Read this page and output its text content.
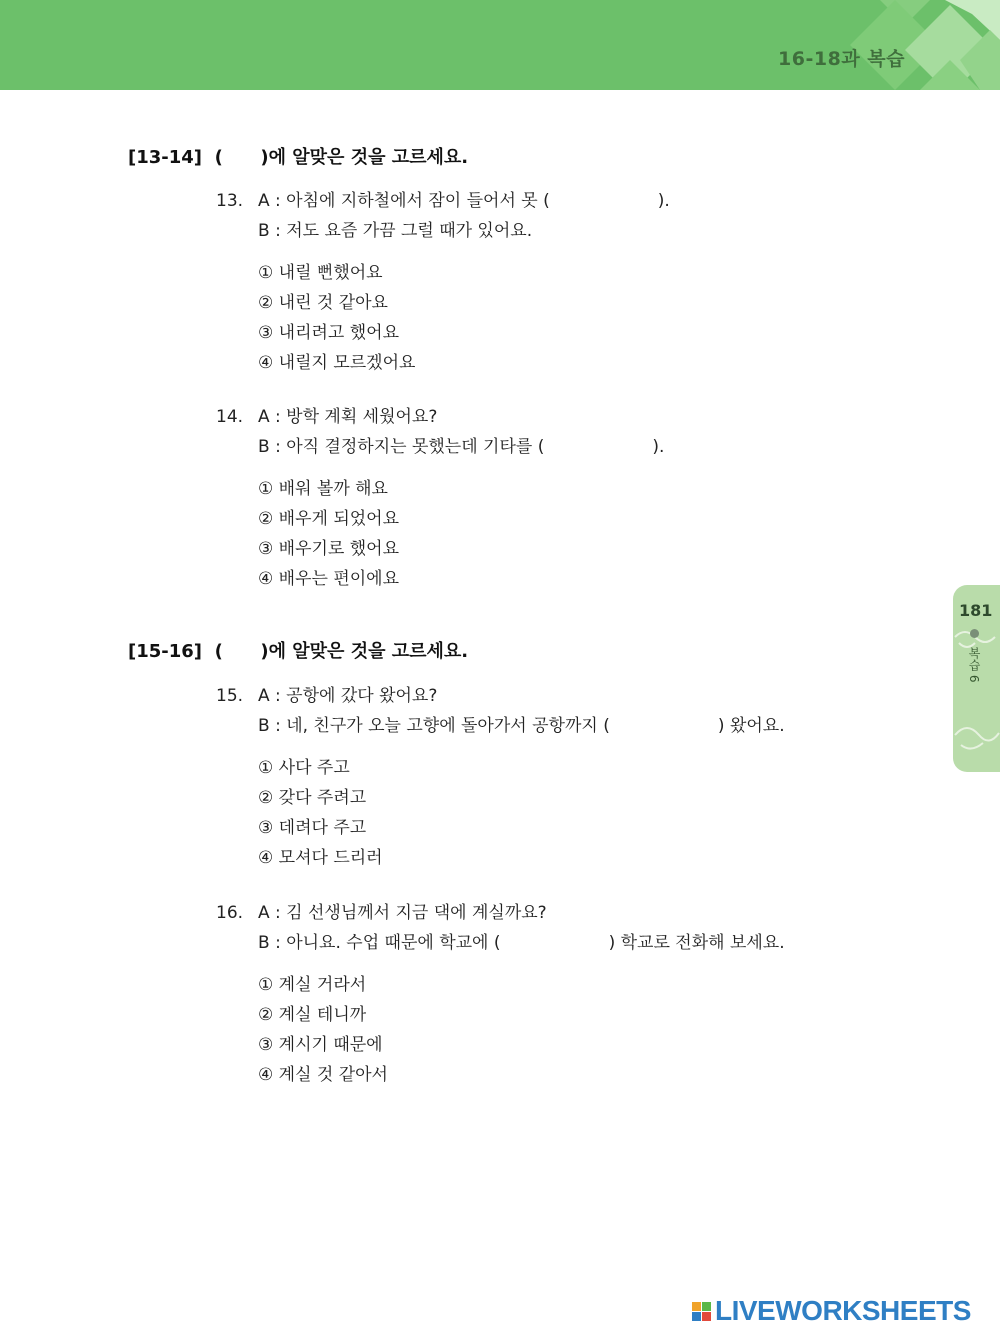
16-18과 복습
[13-14] (      )에 알맞은 것을 고르세요.
13. A : 아침에 지하철에서 잠이 들어서 못 (                    ).
B : 저도 요즘 가끔 그럴 때가 있어요.
① 내릴 뻔했어요
② 내린 것 같아요
③ 내리려고 했어요
④ 내릴지 모르겠어요
14. A : 방학 계획 세웠어요?
B : 아직 결정하지는 못했는데 기타를 (                    ).
① 배워 볼까 해요
② 배우게 되었어요
③ 배우기로 했어요
④ 배우는 편이에요
[15-16] (      )에 알맞은 것을 고르세요.
15. A : 공항에 갔다 왔어요?
B : 네, 친구가 오늘 고향에 돌아가서 공항까지 (                    ) 왔어요.
① 사다 주고
② 갖다 주려고
③ 데려다 주고
④ 모셔다 드리러
16. A : 김 선생님께서 지금 댁에 계실까요?
B : 아니요. 수업 때문에 학교에 (                    ) 학교로 전화해 보세요.
① 계실 거라서
② 계실 테니까
③ 계시기 때문에
④ 계실 것 같아서
181
복습 6
LIVEWORKSHEETS
